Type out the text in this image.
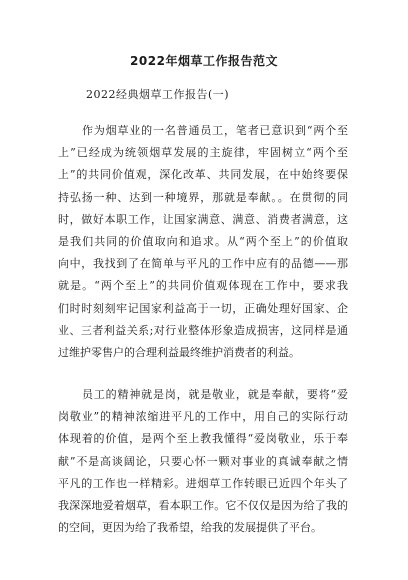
2022年烟草工作报告范文
2022经典烟草工作报告(一)
作为烟草业的一名普通员工，笔者已意识到“两个至
上”已经成为统领烟草发展的主旋律，牢固树立“两个至
上”的共同价值观，深化改革、共同发展，在中始终要保
持弘扬一种、达到一种境界，那就是奉献。。在贯彻的同
时，做好本职工作，让国家满意、满意、消费者满意，这
是我们共同的价值取向和追求。从“两个至上”的价值取
向中，我找到了在简单与平凡的工作中应有的品德——那
就是。“两个至上”的共同价值观体现在工作中，要求我
们时时刻刻牢记国家利益高于一切，正确处理好国家、企
业、三者利益关系;对行业整体形象造成损害，这同样是通
过维护零售户的合理利益最终维护消费者的利益。
员工的精神就是岗，就是敬业，就是奉献，要将“爱
岗敬业”的精神浓缩进平凡的工作中，用自己的实际行动
体现着的价值，是两个至上教我懂得“爱岗敬业，乐于奉
献”不是高谈阔论，只要心怀一颗对事业的真诚奉献之情
平凡的工作也一样精彩。进烟草工作转眼已近四个年头了
我深深地爱着烟草，看本职工作。它不仅仅是因为给了我的
的空间，更因为给了我希望，给我的发展提供了平台。
